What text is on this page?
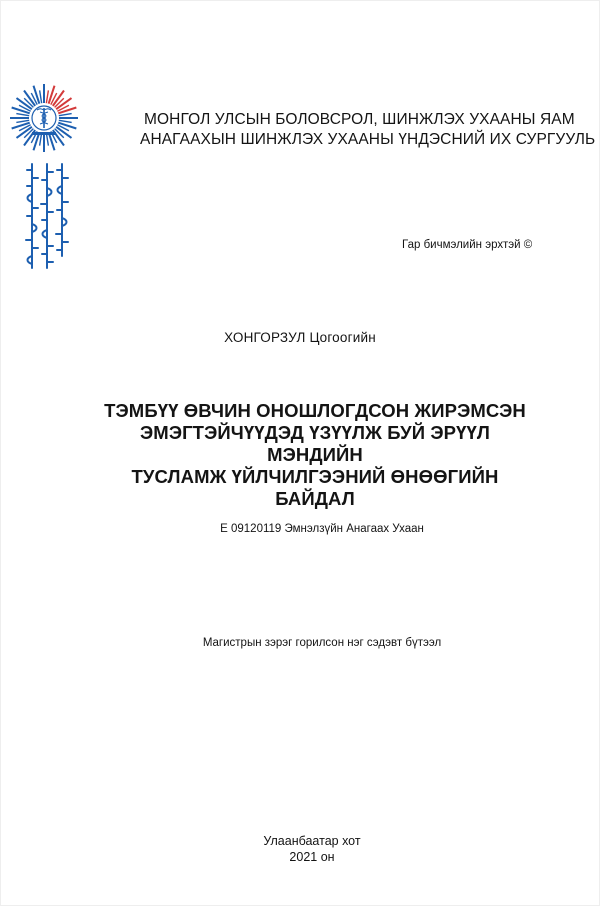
МОНГОЛ УЛСЫН БОЛОВСРОЛ, ШИНЖЛЭХ УХААНЫ ЯАМ
АНАГААХЫН ШИНЖЛЭХ УХААНЫ ҮНДЭСНИЙ ИХ СУРГУУЛЬ
Гар бичмэлийн эрхтэй ©
ХОНГОРЗУЛ Цогоогийн
ТЭМБҮҮ ӨВЧИН ОНОШЛОГДСОН ЖИРЭМСЭН
ЭМЭГТЭЙЧҮҮДЭД ҮЗҮҮЛЖ БУЙ ЭРҮҮЛ МЭНДИЙН
ТУСЛАМЖ ҮЙЛЧИЛГЭЭНИЙ ӨНӨӨГИЙН БАЙДАЛ
Е 09120119 Эмнэлзүйн Анагаах Ухаан
Магистрын зэрэг горилсон нэг сэдэвт бүтээл
Улаанбаатар хот
2021 он
